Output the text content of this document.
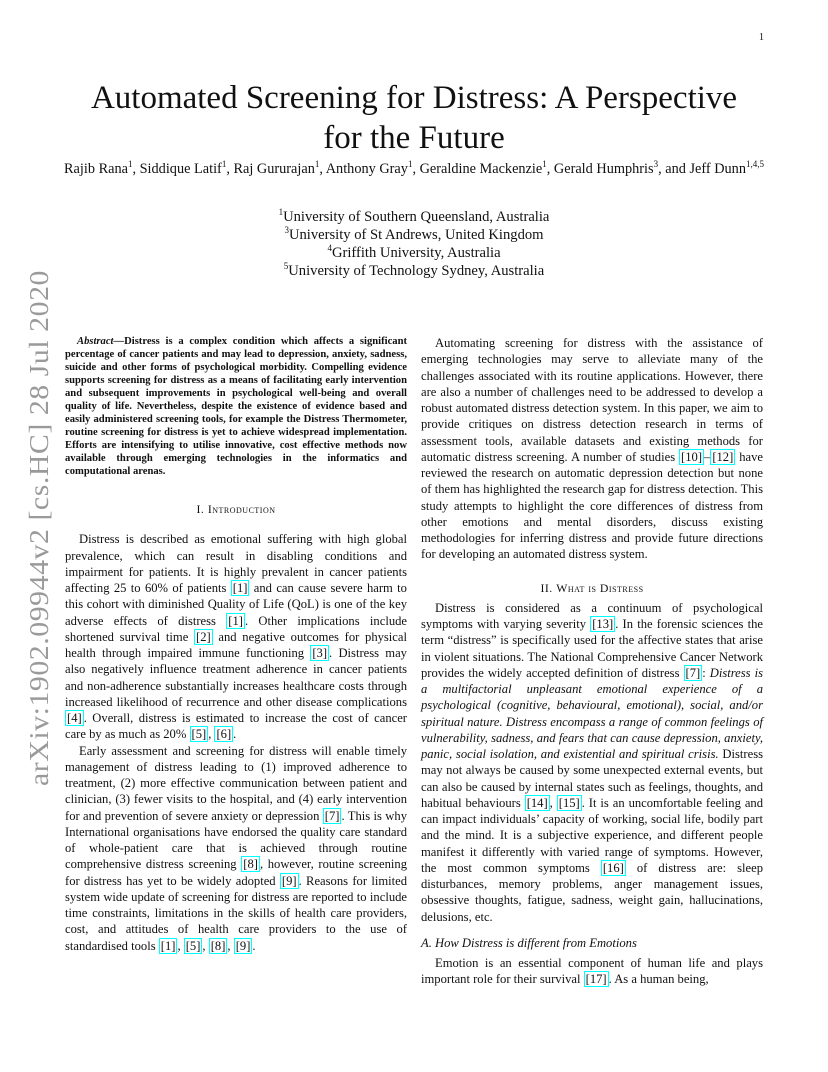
1
arXiv:1902.09944v2 [cs.HC] 28 Jul 2020
Automated Screening for Distress: A Perspective
for the Future
Rajib Rana$^1$, Siddique Latif$^1$, Raj Gururajan$^1$, Anthony Gray$^1$, Geraldine Mackenzie$^1$, Gerald Humphris$^3$, and Jeff Dunn$^{1,4,5}$
$^1$University of Southern Queensland, Australia
$^3$University of St Andrews, United Kingdom
$^4$Griffith University, Australia
$^5$University of Technology Sydney, Australia

Abstract—Distress is a complex condition which affects a significant percentage of cancer patients and may lead to depression, anxiety, sadness, suicide and other forms of psychological morbidity. Compelling evidence supports screening for distress as a means of facilitating early intervention and subsequent improvements in psychological well-being and overall quality of life. Nevertheless, despite the existence of evidence based and easily administered screening tools, for example the Distress Thermometer, routine screening for distress is yet to achieve widespread implementation. Efforts are intensifying to utilise innovative, cost effective methods now available through emerging technologies in the informatics and computational arenas.

I. Introduction

Distress is described as emotional suffering with high global prevalence, which can result in disabling conditions and impairment for patients. It is highly prevalent in cancer patients affecting 25 to 60% of patients [1] and can cause severe harm to this cohort with diminished Quality of Life (QoL) is one of the key adverse effects of distress [1] . Other implications include shortened survival time [2] and negative outcomes for physical health through impaired immune functioning [3] . Distress may also negatively influence treatment adherence in cancer patients and non-adherence substantially increases healthcare costs through increased likelihood of recurrence and other disease complications [4] . Overall, distress is estimated to increase the cost of cancer care by as much as 20% [5] , [6] .

Early assessment and screening for distress will enable timely management of distress leading to (1) improved adherence to treatment, (2) more effective communication between patient and clinician, (3) fewer visits to the hospital, and (4) early intervention for and prevention of severe anxiety or depression [7] . This is why International organisations have endorsed the quality care standard of whole-patient care that is achieved through routine comprehensive distress screening [8] , however, routine screening for distress has yet to be widely adopted [9] . Reasons for limited system wide update of screening for distress are reported to include time constraints, limitations in the skills of health care providers, cost, and attitudes of health care providers to the use of standardised tools [1] , [5] , [8] , [9] .

Automating screening for distress with the assistance of emerging technologies may serve to alleviate many of the challenges associated with its routine applications. However, there are also a number of challenges need to be addressed to develop a robust automated distress detection system. In this paper, we aim to provide critiques on distress detection research in terms of assessment tools, available datasets and existing methods for automatic distress screening. A number of studies [10] – [12] have reviewed the research on automatic depression detection but none of them has highlighted the research gap for distress detection. This study attempts to highlight the core differences of distress from other emotions and mental disorders, discuss existing methodologies for inferring distress and provide future directions for developing an automated distress system.

II. What is Distress

Distress is considered as a continuum of psychological symptoms with varying severity [13] . In the forensic sciences the term “distress” is specifically used for the affective states that arise in violent situations. The National Comprehensive Cancer Network provides the widely accepted definition of distress [7] : Distress is a multifactorial unpleasant emotional experience of a psychological (cognitive, behavioural, emotional), social, and/or spiritual nature. Distress encompass a range of common feelings of vulnerability, sadness, and fears that can cause depression, anxiety, panic, social isolation, and existential and spiritual crisis. Distress may not always be caused by some unexpected external events, but can also be caused by internal states such as feelings, thoughts, and habitual behaviours [14] , [15] . It is an uncomfortable feeling and can impact individuals’ capacity of working, social life, bodily part and the mind. It is a subjective experience, and different people manifest it differently with varied range of symptoms. However, the most common symptoms [16] of distress are: sleep disturbances, memory problems, anger management issues, obsessive thoughts, fatigue, sadness, weight gain, hallucinations, delusions, etc.

A. How Distress is different from Emotions

Emotion is an essential component of human life and plays important role for their survival [17] . As a human being,
